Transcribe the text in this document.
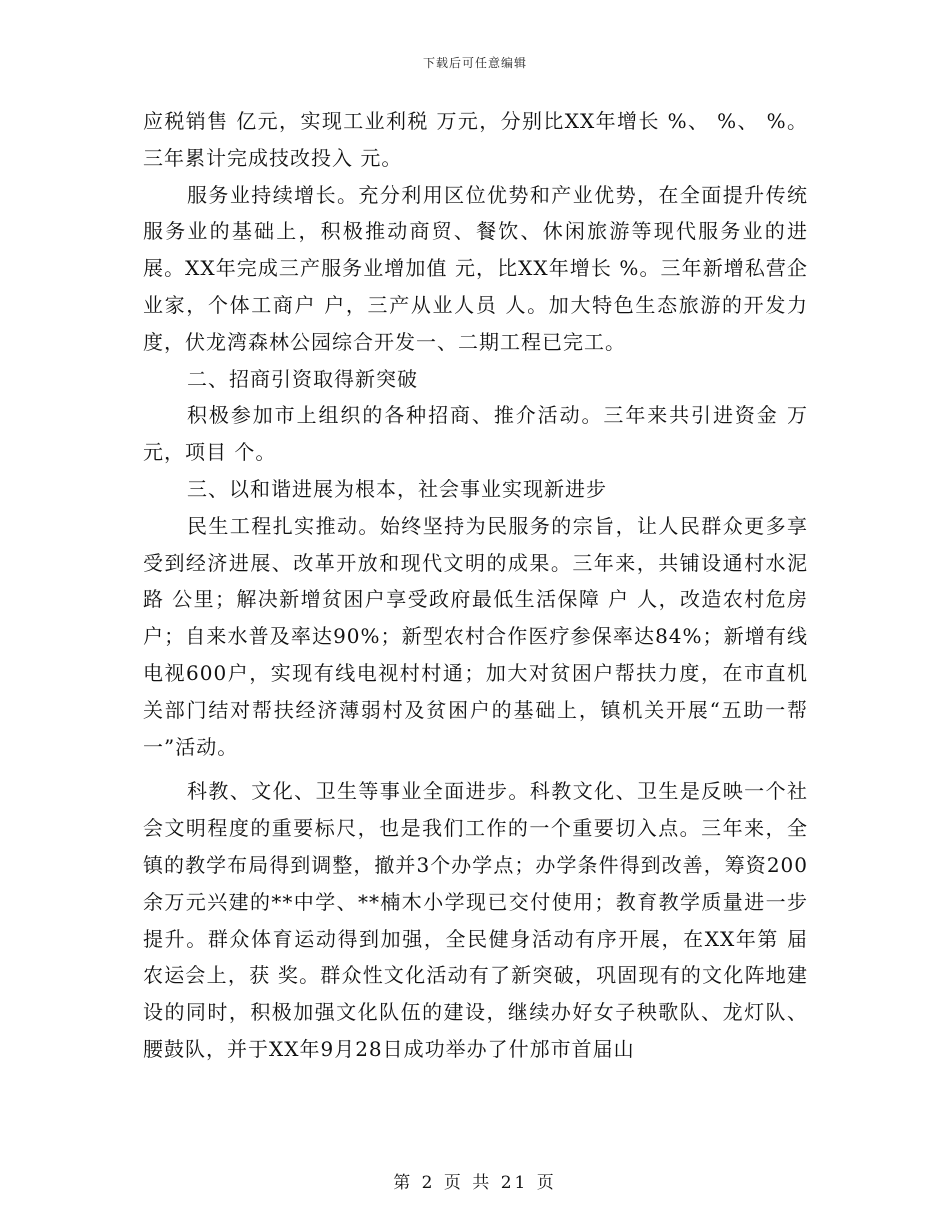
下载后可任意编辑

应税销售 亿元，实现工业利税 万元，分别比XX年增长 %、 %、 %。三年累计完成技改投入 元。

服务业持续增长。充分利用区位优势和产业优势，在全面提升传统服务业的基础上，积极推动商贸、餐饮、休闲旅游等现代服务业的进展。XX年完成三产服务业增加值 元，比XX年增长 %。三年新增私营企业家，个体工商户 户，三产从业人员 人。加大特色生态旅游的开发力度，伏龙湾森林公园综合开发一、二期工程已完工。

二、招商引资取得新突破

积极参加市上组织的各种招商、推介活动。三年来共引进资金 万元，项目 个。

三、以和谐进展为根本，社会事业实现新进步

民生工程扎实推动。始终坚持为民服务的宗旨，让人民群众更多享受到经济进展、改革开放和现代文明的成果。三年来，共铺设通村水泥路 公里；解决新增贫困户享受政府最低生活保障 户 人，改造农村危房 户；自来水普及率达90%；新型农村合作医疗参保率达84%；新增有线电视600户，实现有线电视村村通；加大对贫困户帮扶力度，在市直机关部门结对帮扶经济薄弱村及贫困户的基础上，镇机关开展“五助一帮一”活动。

科教、文化、卫生等事业全面进步。科教文化、卫生是反映一个社会文明程度的重要标尺，也是我们工作的一个重要切入点。三年来，全镇的教学布局得到调整，撤并3个办学点；办学条件得到改善，筹资200余万元兴建的**中学、**楠木小学现已交付使用；教育教学质量进一步提升。群众体育运动得到加强，全民健身活动有序开展，在XX年第 届农运会上，获 奖。群众性文化活动有了新突破，巩固现有的文化阵地建设的同时，积极加强文化队伍的建设，继续办好女子秧歌队、龙灯队、腰鼓队，并于XX年9月28日成功举办了什邡市首届山

第 2 页 共 21 页
